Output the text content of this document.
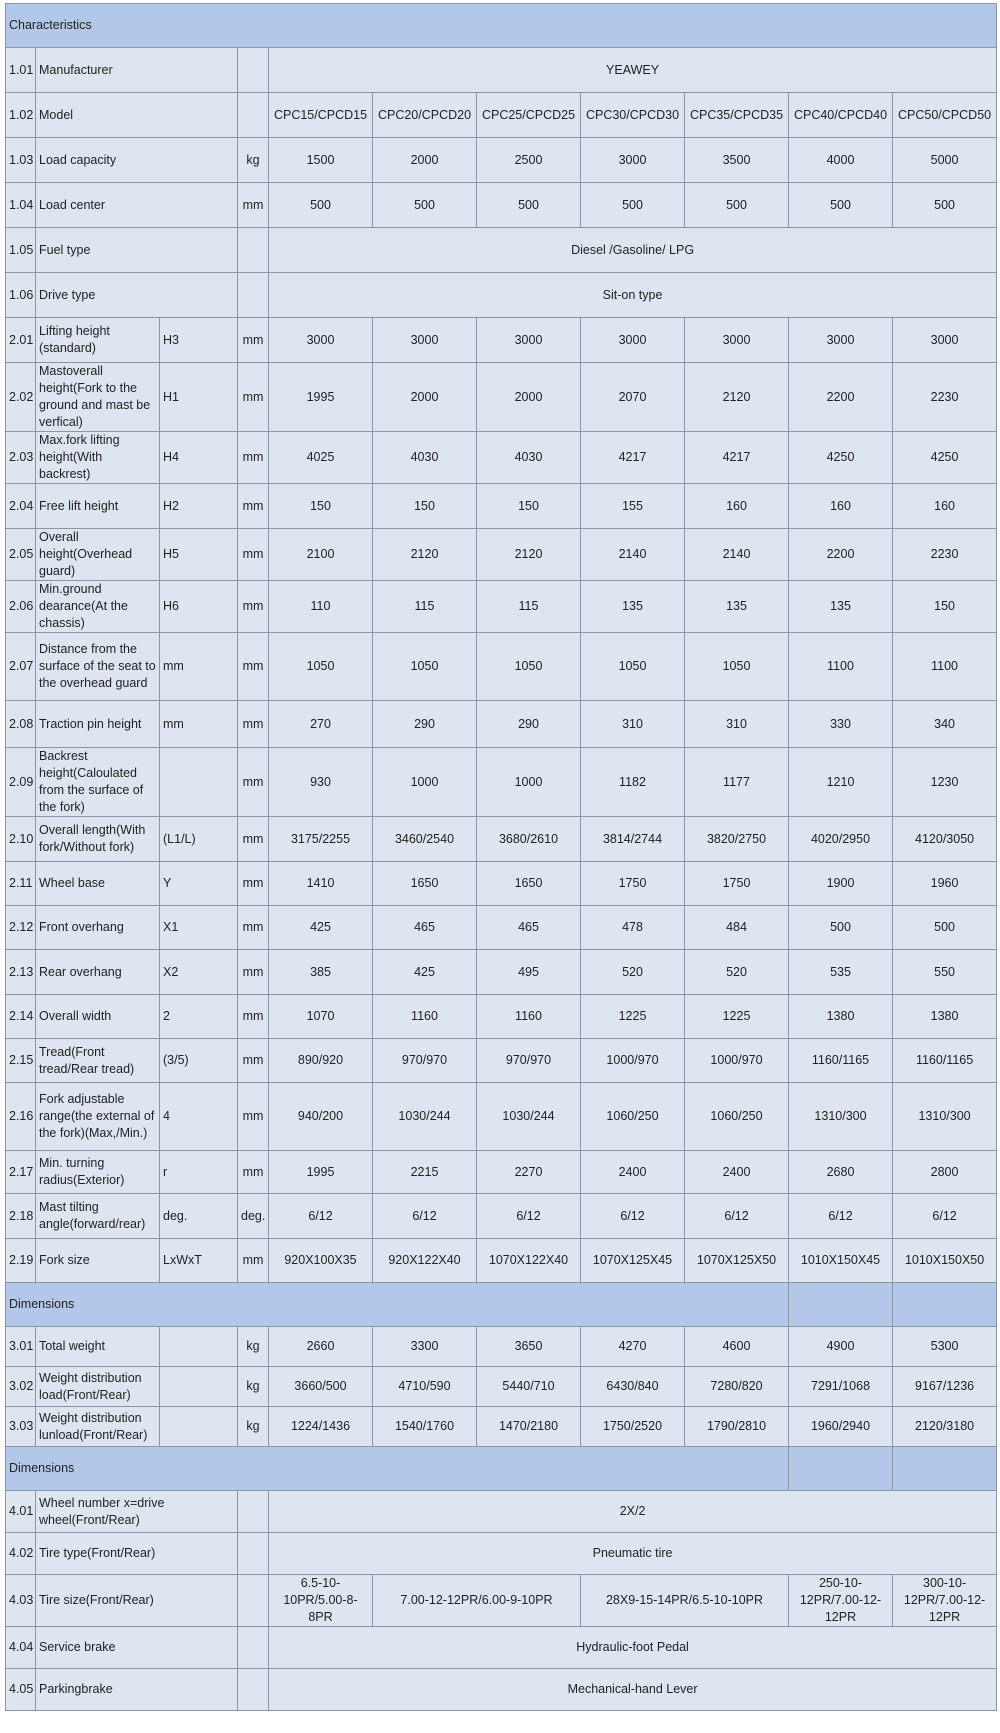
Characteristics										
1.01	Manufacturer			YEAWEY						
1.02	Model			CPC15/CPCD15	CPC20/CPCD20	CPC25/CPCD25	CPC30/CPCD30	CPC35/CPCD35	CPC40/CPCD40	CPC50/CPCD50
1.03	Load capacity		kg	1500	2000	2500	3000	3500	4000	5000
1.04	Load center		mm	500	500	500	500	500	500	500
1.05	Fuel type			Diesel /Gasoline/ LPG						
1.06	Drive type			Sit-on type						
2.01	Lifting height (standard)	H3	mm	3000	3000	3000	3000	3000	3000	3000
2.02	Mastoverall height(Fork to the ground and mast be verfical)	H1	mm	1995	2000	2000	2070	2120	2200	2230
2.03	Max.fork lifting height(With backrest)	H4	mm	4025	4030	4030	4217	4217	4250	4250
2.04	Free lift height	H2	mm	150	150	150	155	160	160	160
2.05	Overall height(Overhead guard)	H5	mm	2100	2120	2120	2140	2140	2200	2230
2.06	Min.ground dearance(At the chassis)	H6	mm	110	115	115	135	135	135	150
2.07	Distance from the surface of the seat to the overhead guard	mm	mm	1050	1050	1050	1050	1050	1100	1100
2.08	Traction pin height	mm	mm	270	290	290	310	310	330	340
2.09	Backrest height(Caloulated from the surface of the fork)		mm	930	1000	1000	1182	1177	1210	1230
2.10	Overall length(With fork/Without fork)	(L1/L)	mm	3175/2255	3460/2540	3680/2610	3814/2744	3820/2750	4020/2950	4120/3050
2.11	Wheel base	Y	mm	1410	1650	1650	1750	1750	1900	1960
2.12	Front overhang	X1	mm	425	465	465	478	484	500	500
2.13	Rear overhang	X2	mm	385	425	495	520	520	535	550
2.14	Overall width	2	mm	1070	1160	1160	1225	1225	1380	1380
2.15	Tread(Front tread/Rear tread)	(3/5)	mm	890/920	970/970	970/970	1000/970	1000/970	1160/1165	1160/1165
2.16	Fork adjustable range(the external of the fork)(Max,/Min.)	4	mm	940/200	1030/244	1030/244	1060/250	1060/250	1310/300	1310/300
2.17	Min. turning radius(Exterior)	r	mm	1995	2215	2270	2400	2400	2680	2800
2.18	Mast tilting angle(forward/rear)	deg.	deg.	6/12	6/12	6/12	6/12	6/12	6/12	6/12
2.19	Fork size	LxWxT	mm	920X100X35	920X122X40	1070X122X40	1070X125X45	1070X125X50	1010X150X45	1010X150X50
Dimensions										
3.01	Total weight		kg	2660	3300	3650	4270	4600	4900	5300
3.02	Weight distribution load(Front/Rear)		kg	3660/500	4710/590	5440/710	6430/840	7280/820	7291/1068	9167/1236
3.03	Weight distribution lunload(Front/Rear)		kg	1224/1436	1540/1760	1470/2180	1750/2520	1790/2810	1960/2940	2120/3180
Dimensions										
4.01	Wheel number x=drive wheel(Front/Rear)			2X/2						
4.02	Tire type(Front/Rear)			Pneumatic tire						
4.03	Tire size(Front/Rear)			6.5-10-10PR/5.00-8-8PR	7.00-12-12PR/6.00-9-10PR		28X9-15-14PR/6.5-10-10PR		250-10-12PR/7.00-12-12PR	300-10-12PR/7.00-12-12PR
4.04	Service brake			Hydraulic-foot Pedal						
4.05	Parkingbrake			Mechanical-hand Lever						
